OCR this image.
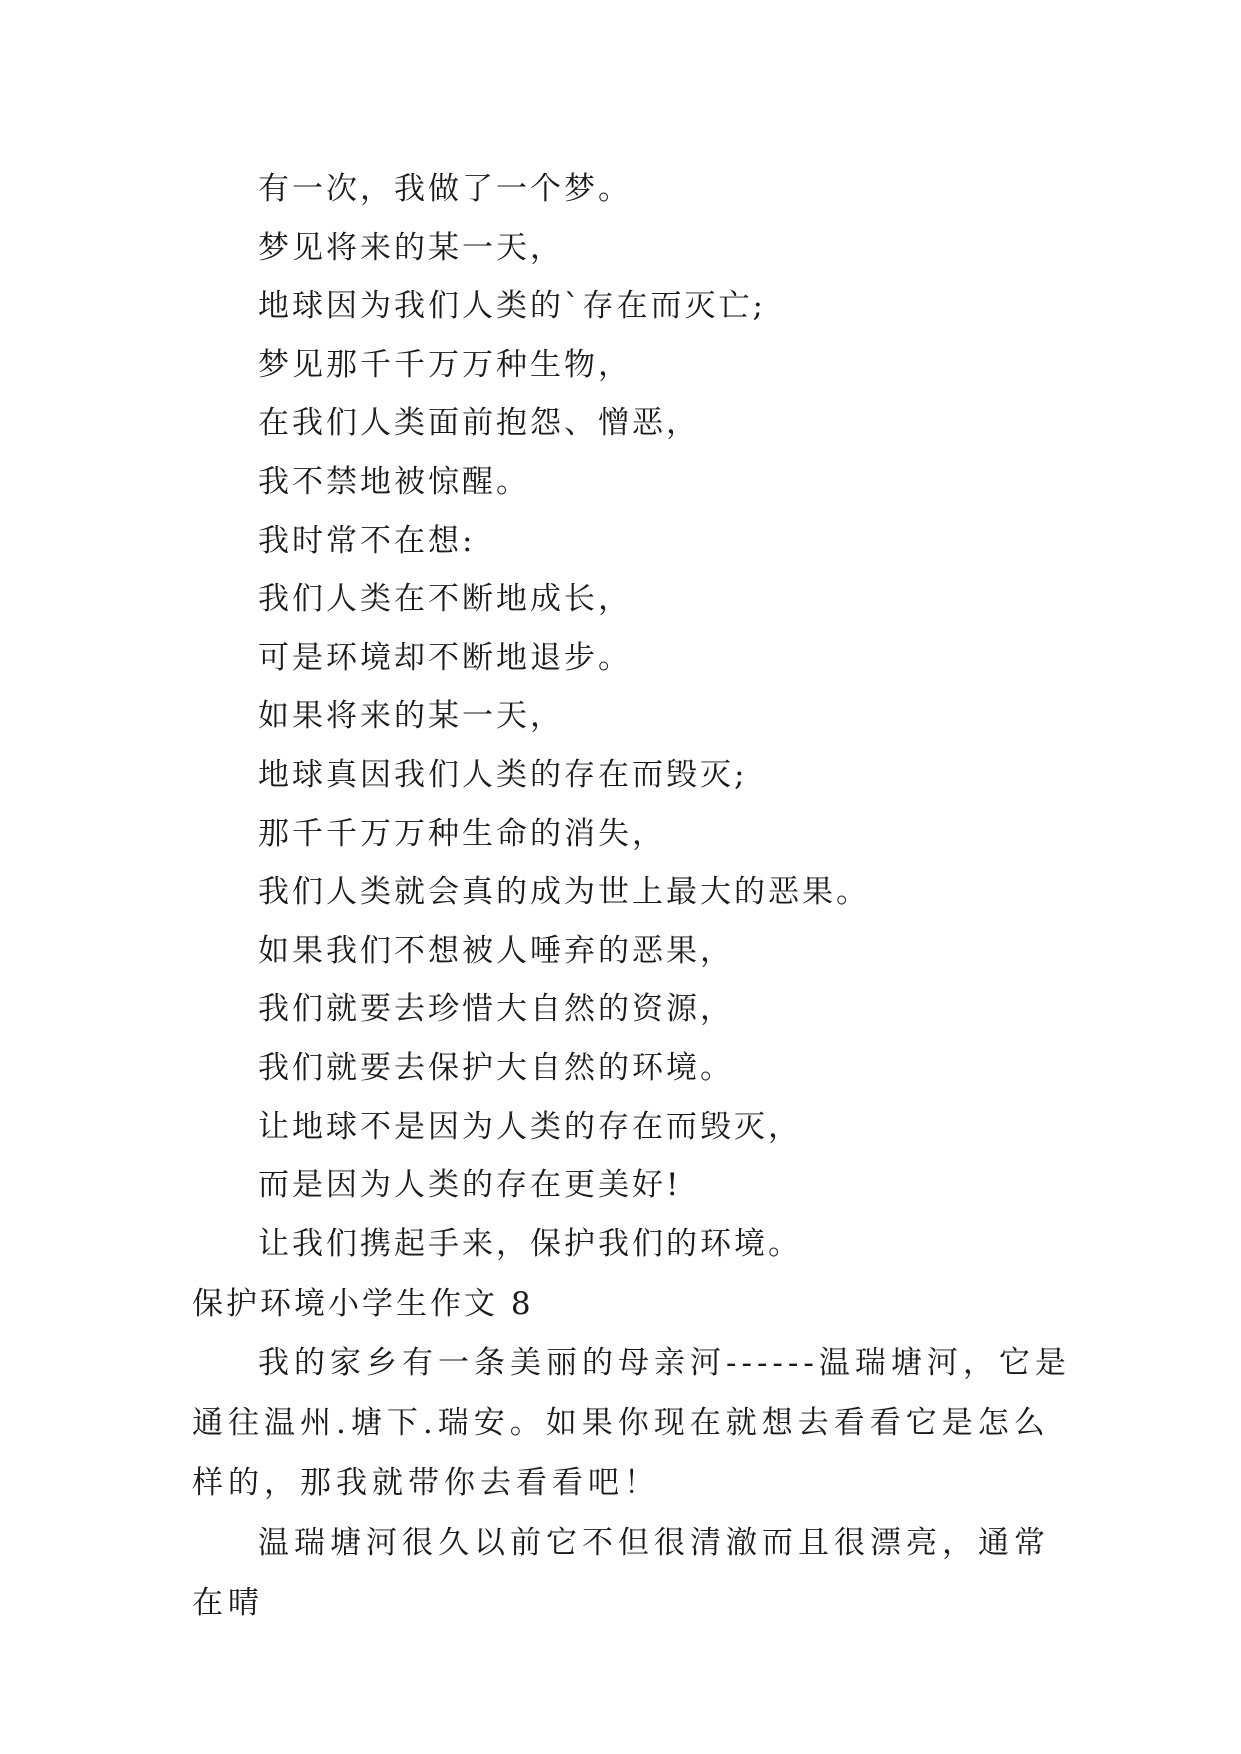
有一次，我做了一个梦。
梦见将来的某一天，
地球因为我们人类的`存在而灭亡;
梦见那千千万万种生物，
在我们人类面前抱怨、憎恶，
我不禁地被惊醒。
我时常不在想:
我们人类在不断地成长，
可是环境却不断地退步。
如果将来的某一天，
地球真因我们人类的存在而毁灭;
那千千万万种生命的消失，
我们人类就会真的成为世上最大的恶果。
如果我们不想被人唾弃的恶果，
我们就要去珍惜大自然的资源，
我们就要去保护大自然的环境。
让地球不是因为人类的存在而毁灭，
而是因为人类的存在更美好!
让我们携起手来，保护我们的环境。
保护环境小学生作文 8
我的家乡有一条美丽的母亲河------温瑞塘河，它是通往温州.塘下.瑞安。如果你现在就想去看看它是怎么样的，那我就带你去看看吧！
温瑞塘河很久以前它不但很清澈而且很漂亮，通常在晴
